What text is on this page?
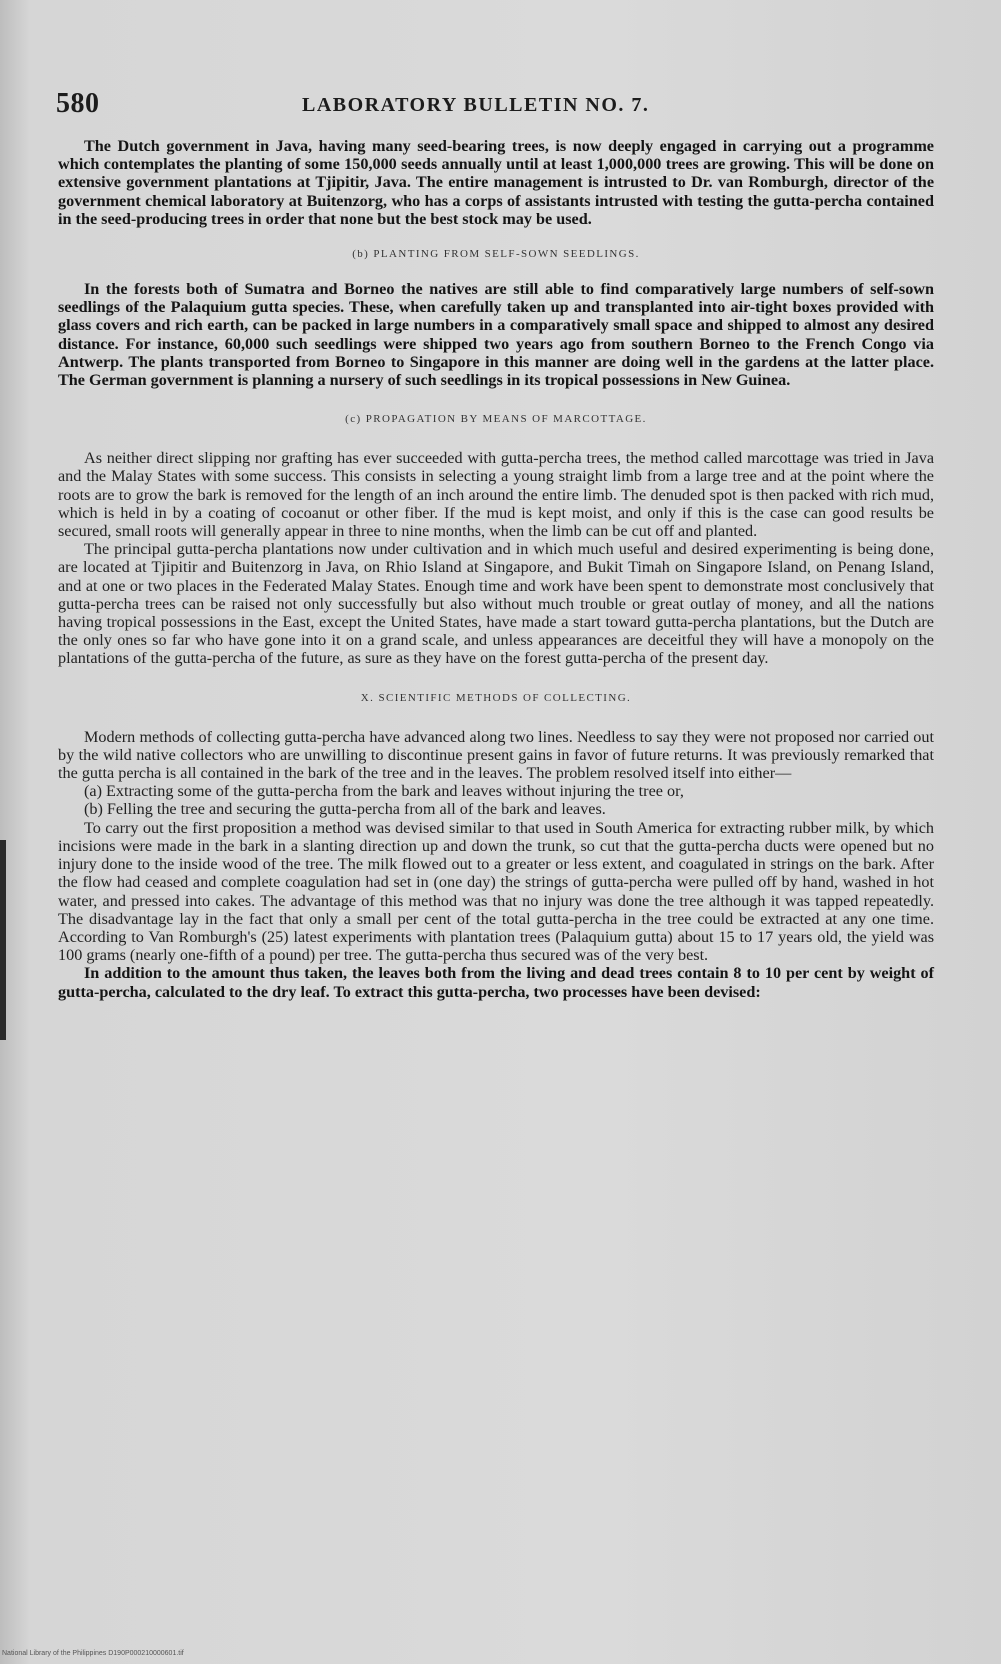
580	LABORATORY BULLETIN NO. 7.

The Dutch government in Java, having many seed-bearing trees, is now deeply engaged in carrying out a programme which contemplates the planting of some 150,000 seeds annually until at least 1,000,000 trees are growing. This will be done on extensive government plantations at Tjipitir, Java. The entire management is intrusted to Dr. van Romburgh, director of the government chemical laboratory at Buitenzorg, who has a corps of assistants intrusted with testing the gutta-percha contained in the seed-producing trees in order that none but the best stock may be used.

(b) PLANTING FROM SELF-SOWN SEEDLINGS.

In the forests both of Sumatra and Borneo the natives are still able to find comparatively large numbers of self-sown seedlings of the Palaquium gutta species. These, when carefully taken up and transplanted into air-tight boxes provided with glass covers and rich earth, can be packed in large numbers in a comparatively small space and shipped to almost any desired distance. For instance, 60,000 such seedlings were shipped two years ago from southern Borneo to the French Congo via Antwerp. The plants transported from Borneo to Singapore in this manner are doing well in the gardens at the latter place. The German government is planning a nursery of such seedlings in its tropical possessions in New Guinea.

(c) PROPAGATION BY MEANS OF MARCOTTAGE.

As neither direct slipping nor grafting has ever succeeded with gutta-percha trees, the method called marcottage was tried in Java and the Malay States with some success. This consists in selecting a young straight limb from a large tree and at the point where the roots are to grow the bark is removed for the length of an inch around the entire limb. The denuded spot is then packed with rich mud, which is held in by a coating of cocoanut or other fiber. If the mud is kept moist, and only if this is the case can good results be secured, small roots will generally appear in three to nine months, when the limb can be cut off and planted.

The principal gutta-percha plantations now under cultivation and in which much useful and desired experimenting is being done, are located at Tjipitir and Buitenzorg in Java, on Rhio Island at Singapore, and Bukit Timah on Singapore Island, on Penang Island, and at one or two places in the Federated Malay States. Enough time and work have been spent to demonstrate most conclusively that gutta-percha trees can be raised not only successfully but also without much trouble or great outlay of money, and all the nations having tropical possessions in the East, except the United States, have made a start toward gutta-percha plantations, but the Dutch are the only ones so far who have gone into it on a grand scale, and unless appearances are deceitful they will have a monopoly on the plantations of the gutta-percha of the future, as sure as they have on the forest gutta-percha of the present day.

X. SCIENTIFIC METHODS OF COLLECTING.

Modern methods of collecting gutta-percha have advanced along two lines. Needless to say they were not proposed nor carried out by the wild native collectors who are unwilling to discontinue present gains in favor of future returns. It was previously remarked that the gutta percha is all contained in the bark of the tree and in the leaves. The problem resolved itself into either—

(a) Extracting some of the gutta-percha from the bark and leaves without injuring the tree or,

(b) Felling the tree and securing the gutta-percha from all of the bark and leaves.

To carry out the first proposition a method was devised similar to that used in South America for extracting rubber milk, by which incisions were made in the bark in a slanting direction up and down the trunk, so cut that the gutta-percha ducts were opened but no injury done to the inside wood of the tree. The milk flowed out to a greater or less extent, and coagulated in strings on the bark. After the flow had ceased and complete coagulation had set in (one day) the strings of gutta-percha were pulled off by hand, washed in hot water, and pressed into cakes. The advantage of this method was that no injury was done the tree although it was tapped repeatedly. The disadvantage lay in the fact that only a small per cent of the total gutta-percha in the tree could be extracted at any one time. According to Van Romburgh's (25) latest experiments with plantation trees (Palaquium gutta) about 15 to 17 years old, the yield was 100 grams (nearly one-fifth of a pound) per tree. The gutta-percha thus secured was of the very best.

In addition to the amount thus taken, the leaves both from the living and dead trees contain 8 to 10 per cent by weight of gutta-percha, calculated to the dry leaf. To extract this gutta-percha, two processes have been devised:

National Library of the Philippines D190P000210000601.tif
